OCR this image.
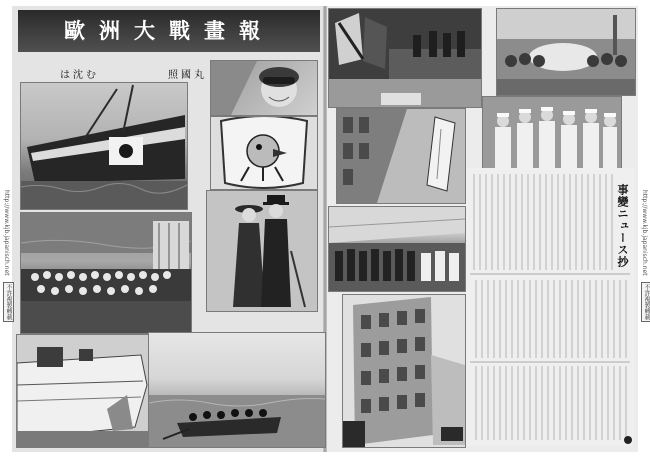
http://www.kjb.japanisch.net
不許複製轉載
http://www.kjb.japanisch.net
不許複製轉載
歐洲大戰畫報
は沈む	照國丸
事變ニュース抄
